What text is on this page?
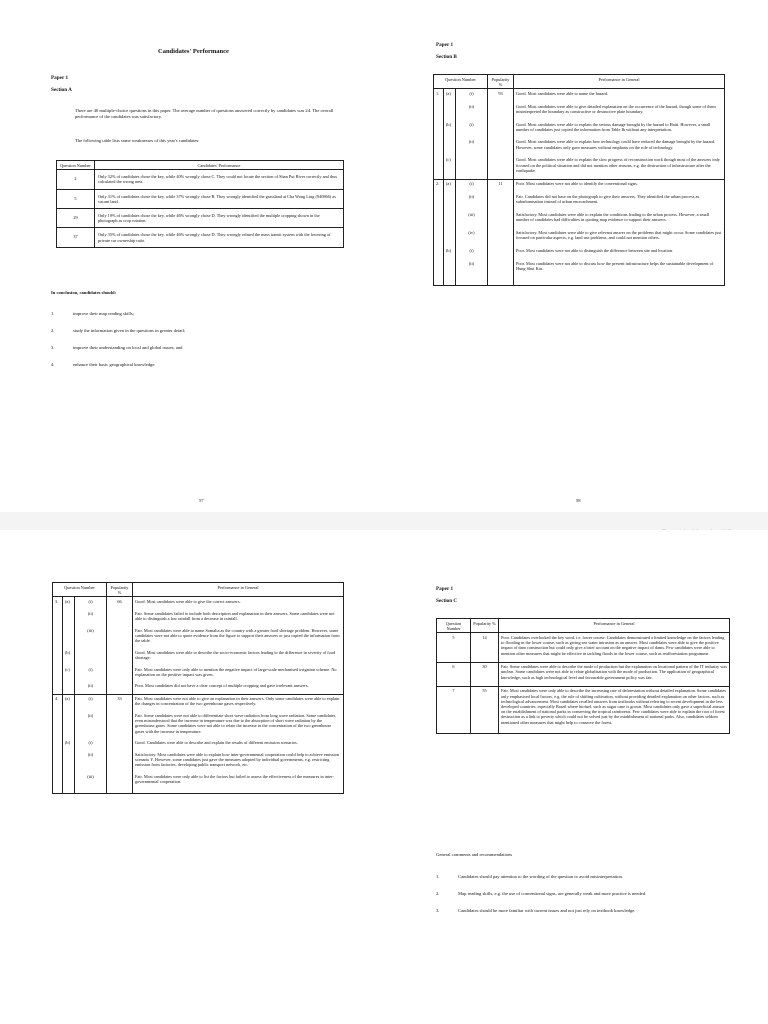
Candidates' Performance
Paper 1
Section A
There are 40 multiple-choice questions in this paper. The average number of questions answered correctly by candidates was 24. The overall performance of the candidates was satisfactory.
The following table lists some weaknesses of this year's candidates:
Question Number	Candidates' Performance
2	Only 32% of candidates chose the key, while 40% wrongly chose C. They could not locate the section of Shan Pui River correctly and thus calculated the wrong area.
5	Only 31% of candidates chose the key, while 37% wrongly chose B. They wrongly identified the grassland at Cha Wong Ling (940866) as vacant land.
29	Only 19% of candidates chose the key, while 46% wrongly chose D. They wrongly identified the multiple cropping shown in the photograph as crop rotation.
37	Only 35% of candidates chose the key, while 46% wrongly chose D. They wrongly related the mass transit system with the lowering of private car ownership ratio.
In conclusion, candidates should:
1.	improve their map reading skills;
2.	study the information given in the questions in greater detail;
3.	improve their understanding on local and global issues; and
4.	enhance their basic geographical knowledge.
57
Paper 1
Section B
Question Number			Popularity %	Performance in General
1.	(a)	(i)	93	Good. Most candidates were able to name the hazard.
		(ii)		Good. Most candidates were able to give detailed explanation on the occurrence of the hazard, though some of them misinterpreted the boundary as constructive or destructive plate boundary.
	(b)	(i)		Good. Most candidates were able to explain the serious damage brought by the hazard to Haiti. However, a small number of candidates just copied the information from Table Ib without any interpretation.
		(ii)		Good. Most candidates were able to explain how technology could have reduced the damage brought by the hazard. However, some candidates only gave measures without emphasis on the role of technology.
	(c)			Good. Most candidates were able to explain the slow progress of reconstruction work though most of the answers only focused on the political situation and did not mention other reasons, e.g. the destruction of infrastructure after the earthquake.
2.	(a)	(i)	11	Poor. Most candidates were not able to identify the conventional signs.
		(ii)		Fair. Candidates did not base on the photograph to give their answers. They identified the urban process as suburbanisation instead of urban encroachment.
		(iii)		Satisfactory. Most candidates were able to explain the conditions leading to the urban process. However, a small number of candidates had difficulties in quoting map evidence to support their answers.
		(iv)		Satisfactory. Most candidates were able to give relevant answer on the problems that might occur. Some candidates just focused on particular aspects, e.g. land use problems, and could not mention others.
	(b)	(i)		Poor. Most candidates were not able to distinguish the difference between site and location.
		(ii)		Poor. Most candidates were not able to discuss how the present infrastructure helps the sustainable development of Hung Shui Kiu.
58
Question Number			Popularity %	Performance in General
3.	(a)	(i)	66	Good. Most candidates were able to give the correct answers.
		(ii)		Fair. Some candidates failed to include both description and explanation in their answers. Some candidates were not able to distinguish a low rainfall from a decrease in rainfall.
		(iii)		Fair. Most candidates were able to name Somalia as the country with a greater food shortage problem. However, some candidates were not able to quote evidence from the figure to support their answers or just copied the information from the table.
	(b)			Good. Most candidates were able to describe the socio-economic factors leading to the difference in severity of food shortage.
	(c)	(i)		Fair. Most candidates were only able to mention the negative impact of large-scale mechanised irrigation scheme. No explanation on the positive impact was given.
		(ii)		Poor. Most candidates did not have a clear concept of multiple cropping and gave irrelevant answers.
4.	(a)	(i)	33	Fair. Most candidates were not able to give an explanation in their answers. Only some candidates were able to explain the changes in concentration of the two greenhouse gases respectively.
		(ii)		Fair. Some candidates were not able to differentiate short wave radiation from long wave radiation. Some candidates even misunderstood that the increase in temperature was due to the absorption of short wave radiation by the greenhouse gases. Some candidates were not able to relate the increase in the concentration of the two greenhouse gases with the increase in temperature.
	(b)	(i)		Good. Candidates were able to describe and explain the results of different emission scenarios.
		(ii)		Satisfactory. Most candidates were able to explain how inter-governmental cooperation could help to achieve emission scenario Y. However, some candidates just gave the measures adopted by individual governments, e.g. restricting emission from factories, developing public transport network, etc.
		(iii)		Fair. Most candidates were only able to list the factors but failed to assess the effectiveness of the measures in inter-governmental cooperation.
Paper 1
Section C
Question Number	Popularity %	Performance in General
5	14	Poor. Candidates overlooked the key word, i.e. lower course. Candidates demonstrated a limited knowledge on the factors leading to flooding in the lower course, such as giving sea water intrusion as an answer. Most candidates were able to give the positive impact of dam construction but could only give a brief account on the negative impact of dams. Few candidates were able to mention other measures that might be effective in tackling floods in the lower course, such as reafforestation programme.
6	30	Fair. Some candidates were able to describe the mode of production but the explanation on locational pattern of the IT industry was unclear. Some candidates were not able to relate globalisation with the mode of production. The application of geographical knowledge, such as high technological level and favourable government policy was fair.
7	55	Fair. Most candidates were only able to describe the increasing rate of deforestation without detailed explanation. Some candidates only emphasised local factors, e.g. the role of shifting cultivation, without providing detailed explanation on other factors, such as technological advancement. Most candidates recalled answers from textbooks without referring to recent development in the less developed countries, especially Brazil where biofuel, such as sugar cane is grown. Most candidates only gave a superficial answer on the establishment of national parks in conserving the tropical rainforests. Few candidates were able to explain the root of forest destruction as a link to poverty which could not be solved just by the establishment of national parks. Also, candidates seldom mentioned other measures that might help to conserve the forest.
General comments and recommendations
1.	Candidates should pay attention to the wording of the question to avoid misinterpretation.
2.	Map reading skills, e.g. the use of conventional signs, are generally weak and more practice is needed.
3.	Candidates should be more familiar with current issues and not just rely on textbook knowledge.
